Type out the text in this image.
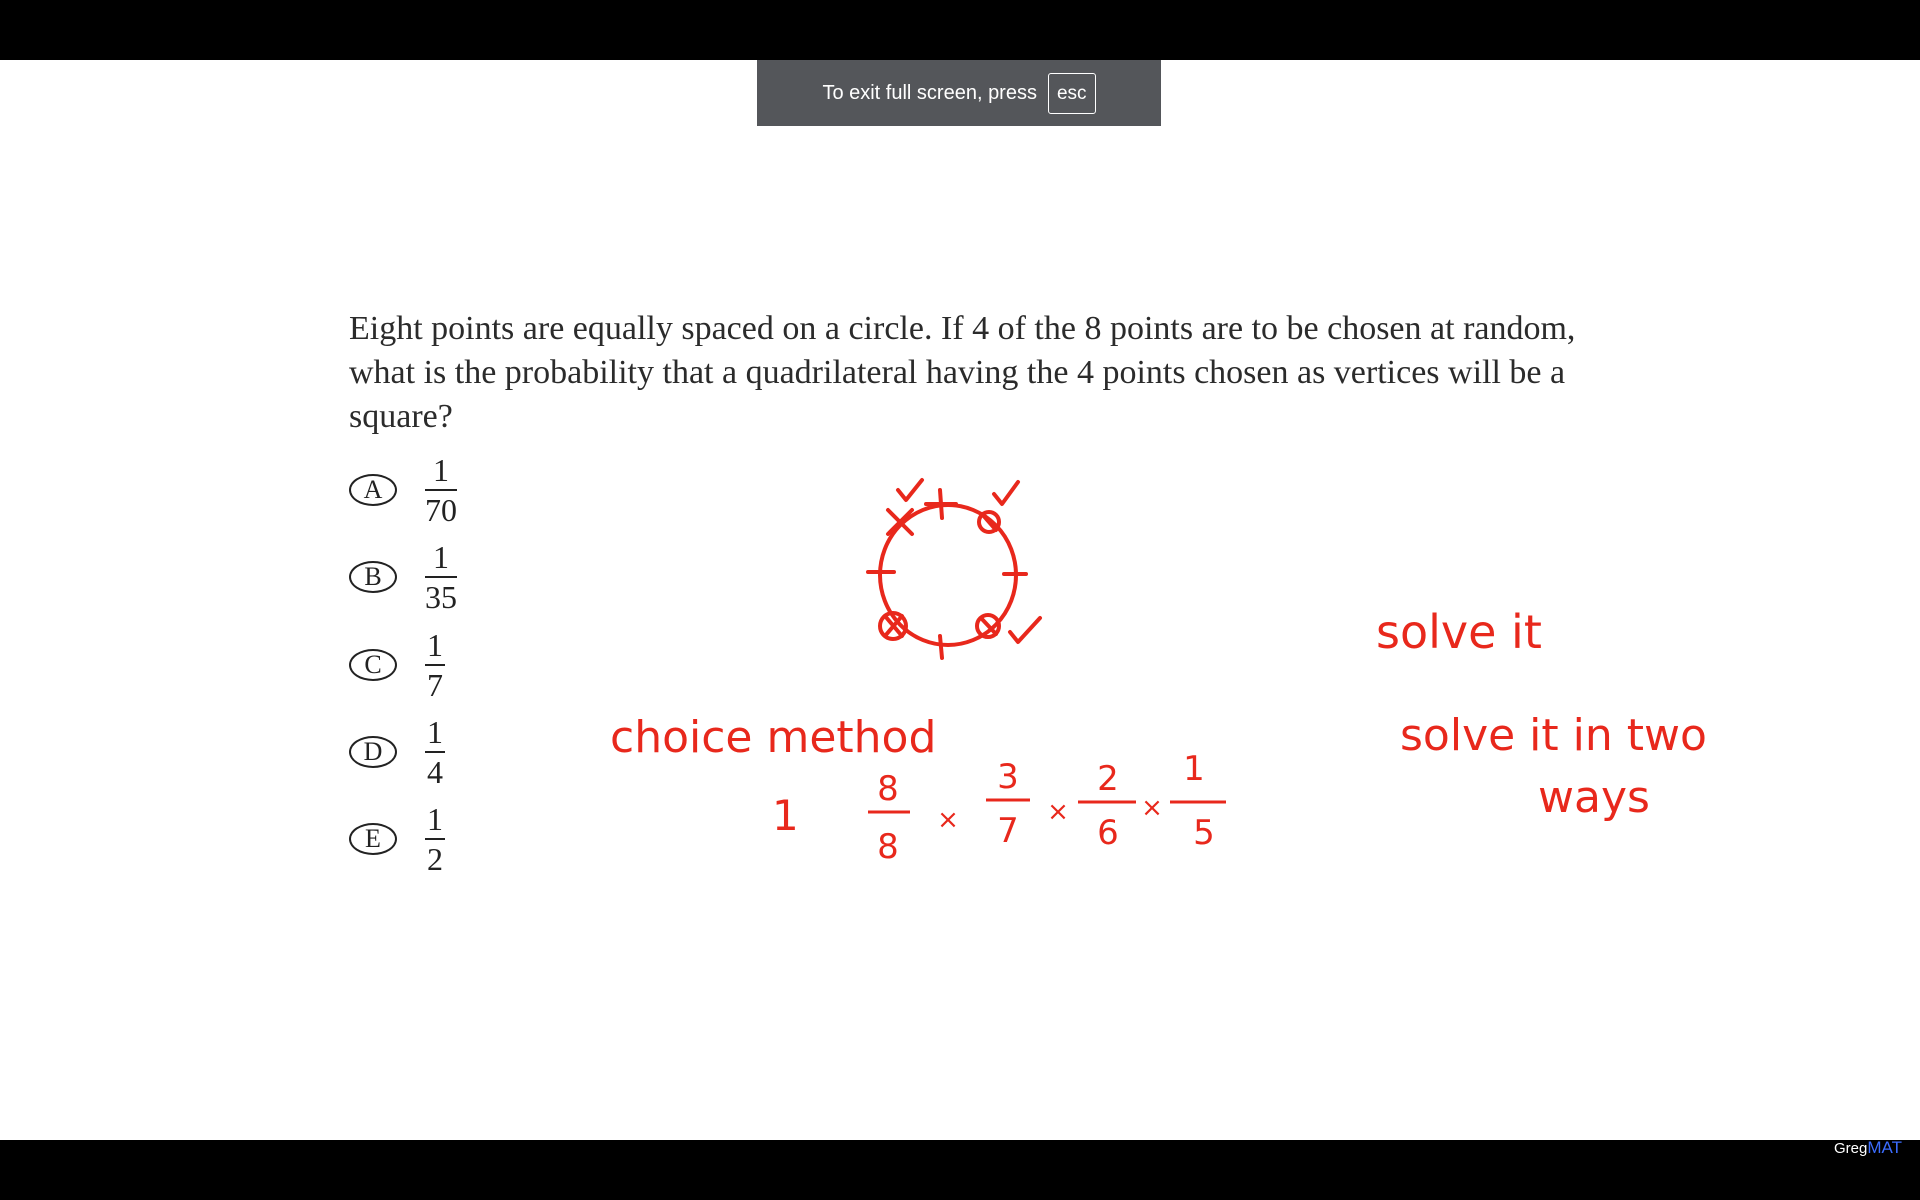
To exit full screen, press	esc

Eight points are equally spaced on a circle. If 4 of the 8 points are to be chosen at random, what is the probability that a quadrilateral having the 4 points chosen as vertices will be a square?

A	$\frac{1}{70}$
B	$\frac{1}{35}$
C	$\frac{1}{7}$
D	$\frac{1}{4}$
E	$\frac{1}{2}$
choice method
1
8
8
×
3
7 ×
2
6
×
1
5
solve it
solve it in two
ways
Greg MAT
